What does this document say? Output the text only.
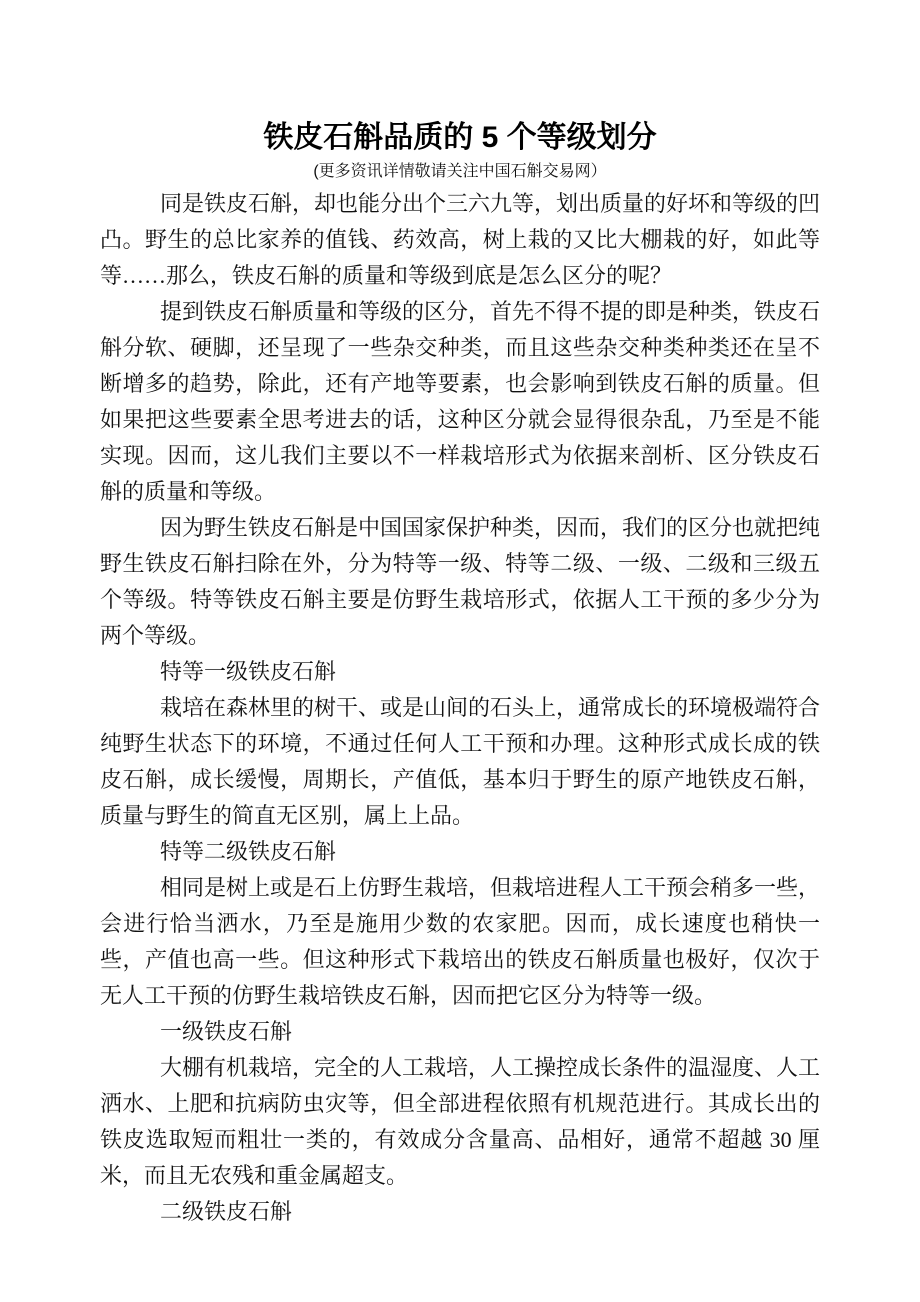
铁皮石斛品质的 5 个等级划分

(更多资讯详情敬请关注中国石斛交易网）

同是铁皮石斛，却也能分出个三六九等，划出质量的好坏和等级的凹凸。野生的总比家养的值钱、药效高，树上栽的又比大棚栽的好，如此等等……那么，铁皮石斛的质量和等级到底是怎么区分的呢？

提到铁皮石斛质量和等级的区分，首先不得不提的即是种类，铁皮石斛分软、硬脚，还呈现了一些杂交种类，而且这些杂交种类种类还在呈不断增多的趋势，除此，还有产地等要素，也会影响到铁皮石斛的质量。但如果把这些要素全思考进去的话，这种区分就会显得很杂乱，乃至是不能实现。因而，这儿我们主要以不一样栽培形式为依据来剖析、区分铁皮石斛的质量和等级。

因为野生铁皮石斛是中国国家保护种类，因而，我们的区分也就把纯野生铁皮石斛扫除在外，分为特等一级、特等二级、一级、二级和三级五个等级。特等铁皮石斛主要是仿野生栽培形式，依据人工干预的多少分为两个等级。

特等一级铁皮石斛

栽培在森林里的树干、或是山间的石头上，通常成长的环境极端符合纯野生状态下的环境，不通过任何人工干预和办理。这种形式成长成的铁皮石斛，成长缓慢，周期长，产值低，基本归于野生的原产地铁皮石斛，质量与野生的简直无区别，属上上品。

特等二级铁皮石斛

相同是树上或是石上仿野生栽培，但栽培进程人工干预会稍多一些，会进行恰当洒水，乃至是施用少数的农家肥。因而，成长速度也稍快一些，产值也高一些。但这种形式下栽培出的铁皮石斛质量也极好，仅次于无人工干预的仿野生栽培铁皮石斛，因而把它区分为特等一级。

一级铁皮石斛

大棚有机栽培，完全的人工栽培，人工操控成长条件的温湿度、人工洒水、上肥和抗病防虫灾等，但全部进程依照有机规范进行。其成长出的铁皮选取短而粗壮一类的，有效成分含量高、品相好，通常不超越 30 厘米，而且无农残和重金属超支。

二级铁皮石斛
